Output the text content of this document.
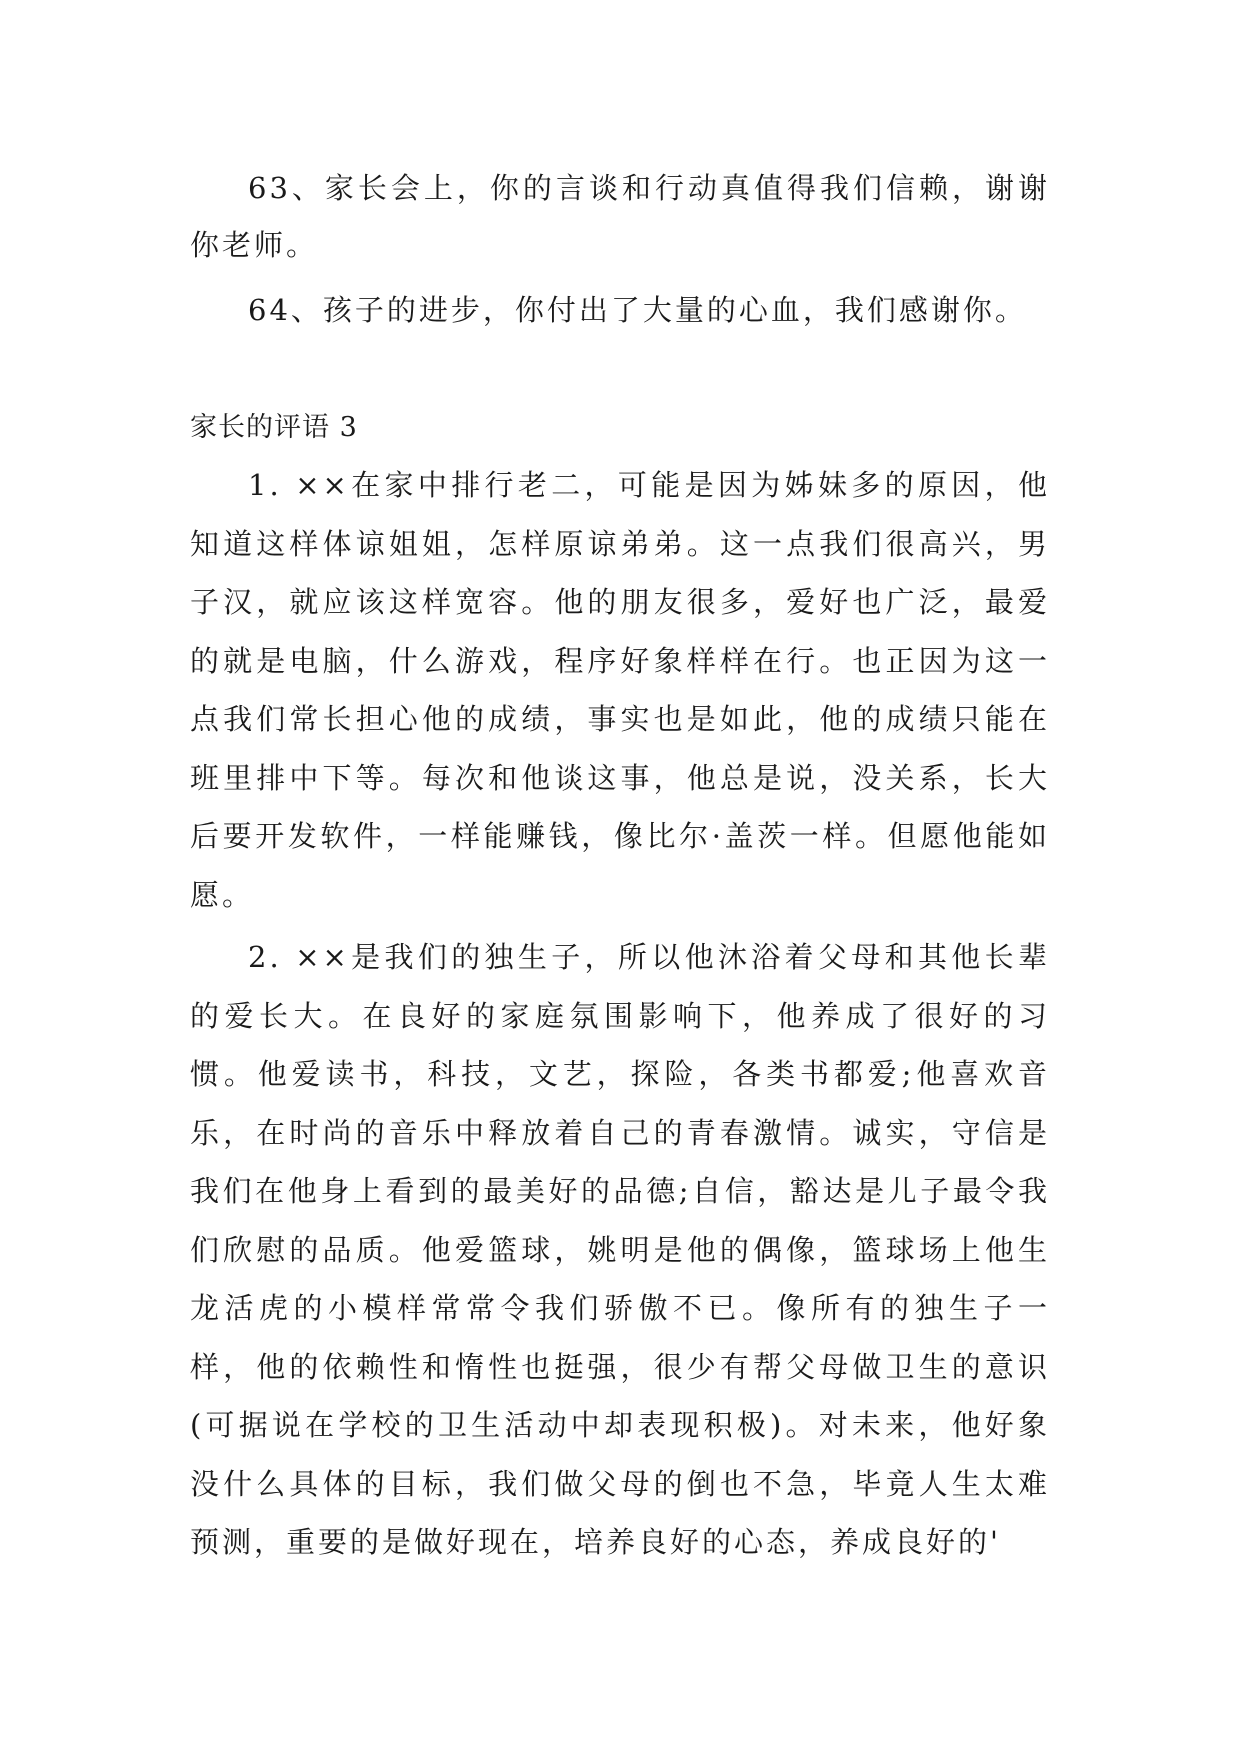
63、家长会上，你的言谈和行动真值得我们信赖，谢谢你老师。

64、孩子的进步，你付出了大量的心血，我们感谢你。

家长的评语 3

1. ××在家中排行老二，可能是因为姊妹多的原因，他知道这样体谅姐姐，怎样原谅弟弟。这一点我们很高兴，男子汉，就应该这样宽容。他的朋友很多，爱好也广泛，最爱的就是电脑，什么游戏，程序好象样样在行。也正因为这一点我们常长担心他的成绩，事实也是如此，他的成绩只能在班里排中下等。每次和他谈这事，他总是说，没关系，长大后要开发软件，一样能赚钱，像比尔·盖茨一样。但愿他能如愿。

2. ××是我们的独生子，所以他沐浴着父母和其他长辈的爱长大。在良好的家庭氛围影响下，他养成了很好的习惯。他爱读书，科技，文艺，探险，各类书都爱;他喜欢音乐，在时尚的音乐中释放着自己的青春激情。诚实，守信是我们在他身上看到的最美好的品德;自信，豁达是儿子最令我们欣慰的品质。他爱篮球，姚明是他的偶像，篮球场上他生龙活虎的小模样常常令我们骄傲不已。像所有的独生子一样，他的依赖性和惰性也挺强，很少有帮父母做卫生的意识(可据说在学校的卫生活动中却表现积极)。对未来，他好象没什么具体的目标，我们做父母的倒也不急，毕竟人生太难预测，重要的是做好现在，培养良好的心态，养成良好的'
